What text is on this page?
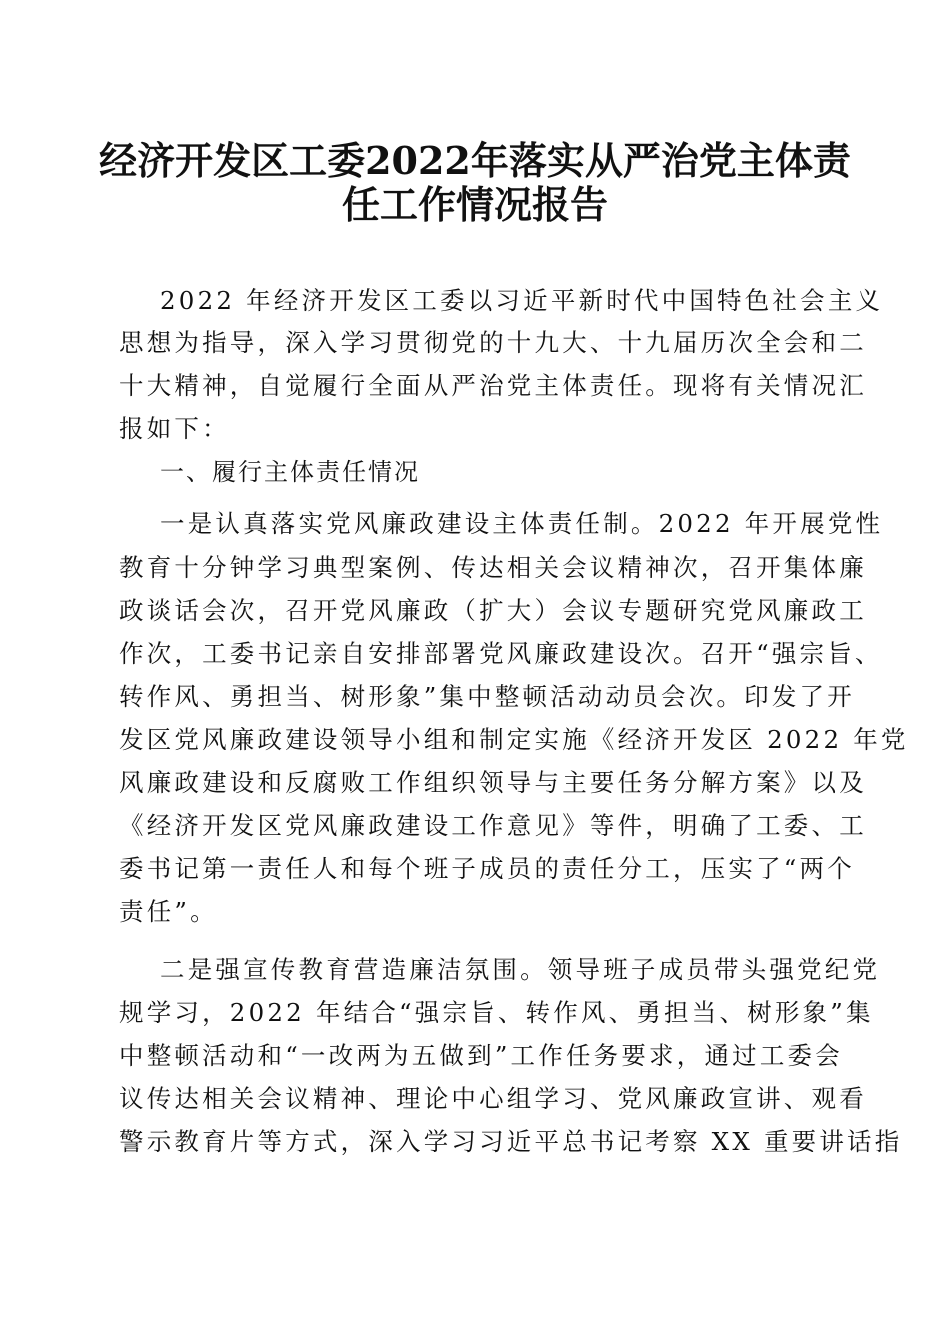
经济开发区工委2022年落实从严治党主体责
任工作情况报告
2022 年经济开发区工委以习近平新时代中国特色社会主义
思想为指导，深入学习贯彻党的十九大、十九届历次全会和二
十大精神，自觉履行全面从严治党主体责任。现将有关情况汇
报如下：
一、履行主体责任情况
一是认真落实党风廉政建设主体责任制。2022 年开展党性
教育十分钟学习典型案例、传达相关会议精神次，召开集体廉
政谈话会次，召开党风廉政（扩大）会议专题研究党风廉政工
作次，工委书记亲自安排部署党风廉政建设次。召开“强宗旨、
转作风、勇担当、树形象”集中整顿活动动员会次。印发了开
发区党风廉政建设领导小组和制定实施《经济开发区 2022 年党
风廉政建设和反腐败工作组织领导与主要任务分解方案》以及
《经济开发区党风廉政建设工作意见》等件，明确了工委、工
委书记第一责任人和每个班子成员的责任分工，压实了“两个
责任”。
二是强宣传教育营造廉洁氛围。领导班子成员带头强党纪党
规学习，2022 年结合“强宗旨、转作风、勇担当、树形象”集
中整顿活动和“一改两为五做到”工作任务要求，通过工委会
议传达相关会议精神、理论中心组学习、党风廉政宣讲、观看
警示教育片等方式，深入学习习近平总书记考察 XX 重要讲话指
